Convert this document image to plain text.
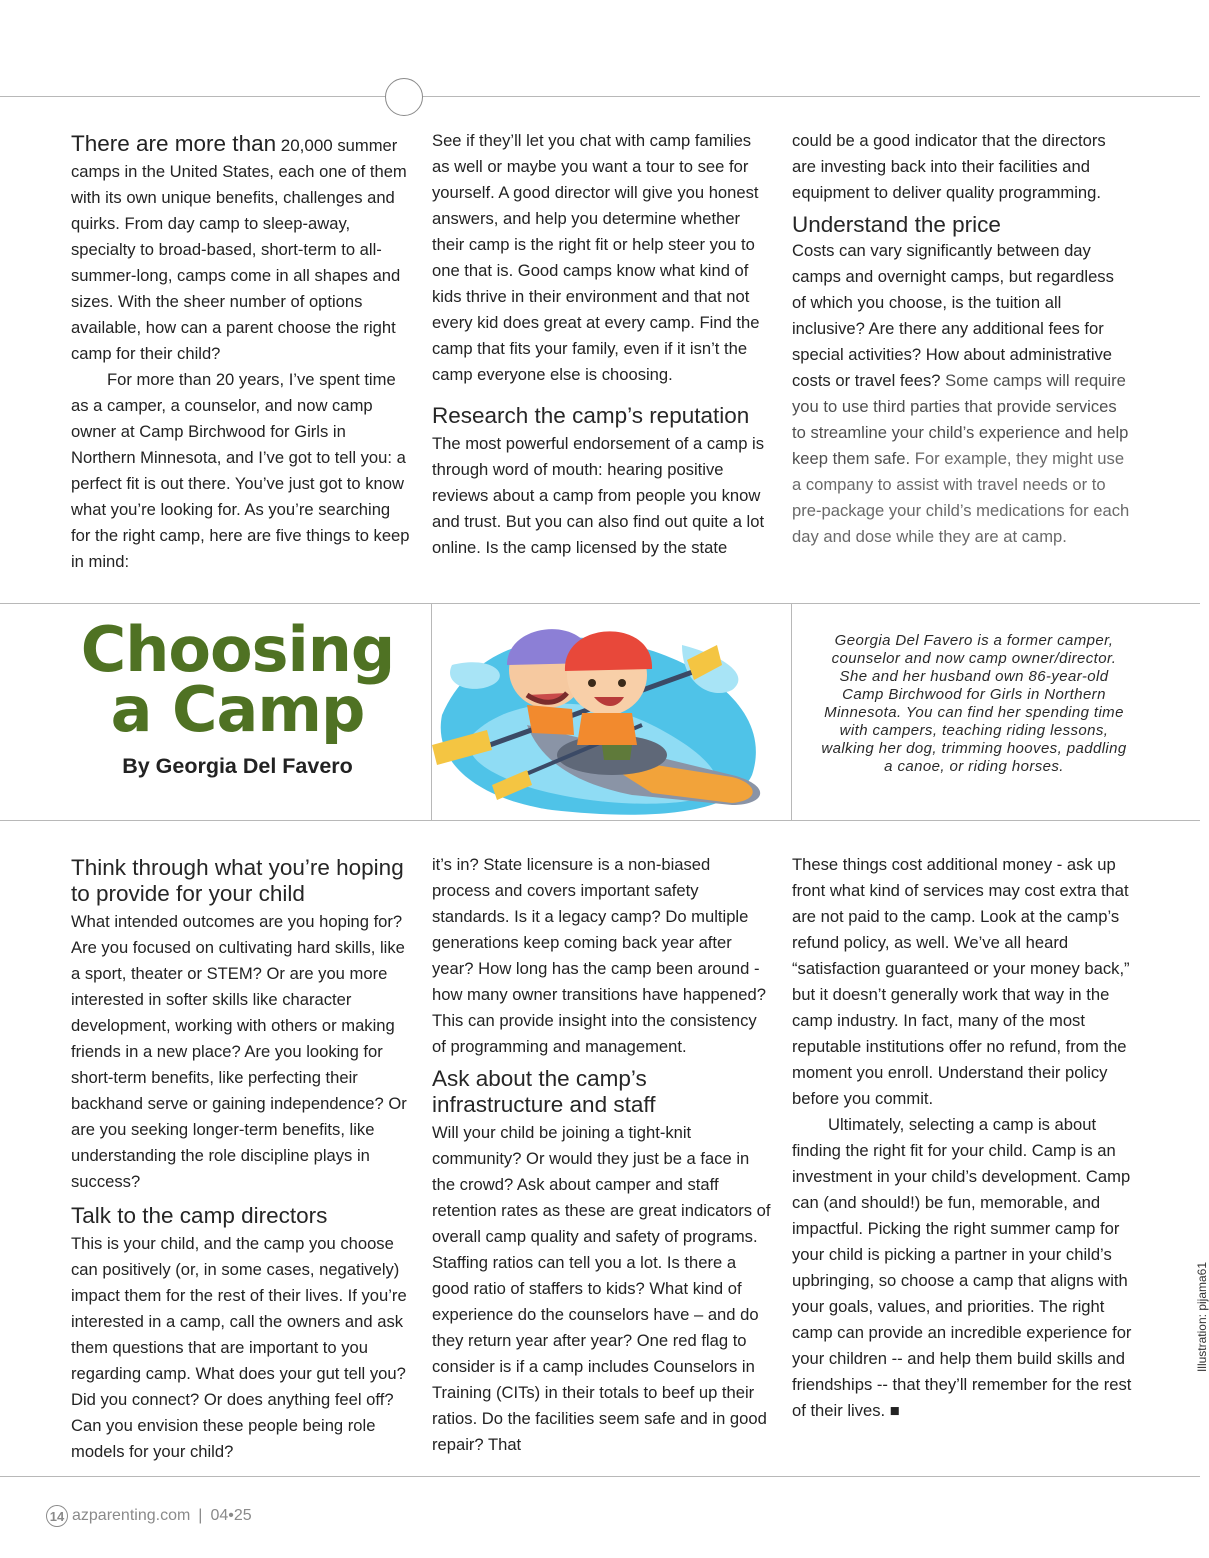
There are more than 20,000 summer camps in the United States, each one of them with its own unique benefits, challenges and quirks. From day camp to sleep-away, specialty to broad-based, short-term to all-summer-long, camps come in all shapes and sizes. With the sheer number of options available, how can a parent choose the right camp for their child?

For more than 20 years, I’ve spent time as a camper, a counselor, and now camp owner at Camp Birchwood for Girls in Northern Minnesota, and I’ve got to tell you: a perfect fit is out there. You’ve just got to know what you’re looking for. As you’re searching for the right camp, here are five things to keep in mind:

See if they’ll let you chat with camp families as well or maybe you want a tour to see for yourself. A good director will give you honest answers, and help you determine whether their camp is the right fit or help steer you to one that is. Good camps know what kind of kids thrive in their environment and that not every kid does great at every camp. Find the camp that fits your family, even if it isn’t the camp everyone else is choosing.

Research the camp’s reputation

The most powerful endorsement of a camp is through word of mouth: hearing positive reviews about a camp from people you know and trust. But you can also find out quite a lot online. Is the camp licensed by the state

could be a good indicator that the directors are investing back into their facilities and equipment to deliver quality programming.

Understand the price

Costs can vary significantly between day camps and overnight camps, but regardless of which you choose, is the tuition all inclusive? Are there any additional fees for special activities? How about administrative costs or travel fees? Some camps will require you to use third parties that provide services to streamline your child’s experience and help keep them safe. For example, they might use a company to assist with travel needs or to pre-package your child’s medications for each day and dose while they are at camp.

Choosing
a Camp
By Georgia Del Favero
Illustration: pijama61
Georgia Del Favero is a former camper, counselor and now camp owner/director. She and her husband own 86-year-old Camp Birchwood for Girls in Northern Minnesota. You can find her spending time with campers, teaching riding lessons, walking her dog, trimming hooves, paddling a canoe, or riding horses.
Think through what you’re hoping to provide for your child

What intended outcomes are you hoping for? Are you focused on cultivating hard skills, like a sport, theater or STEM? Or are you more interested in softer skills like character development, working with others or making friends in a new place? Are you looking for short-term benefits, like perfecting their backhand serve or gaining independence? Or are you seeking longer-term benefits, like understanding the role discipline plays in success?

Talk to the camp directors

This is your child, and the camp you choose can positively (or, in some cases, negatively) impact them for the rest of their lives. If you’re interested in a camp, call the owners and ask them questions that are important to you regarding camp. What does your gut tell you? Did you connect? Or does anything feel off? Can you envision these people being role models for your child?

it’s in? State licensure is a non-biased process and covers important safety standards. Is it a legacy camp? Do multiple generations keep coming back year after year? How long has the camp been around - how many owner transitions have happened? This can provide insight into the consistency of programming and management.

Ask about the camp’s infrastructure and staff

Will your child be joining a tight-knit community? Or would they just be a face in the crowd? Ask about camper and staff retention rates as these are great indicators of overall camp quality and safety of programs. Staffing ratios can tell you a lot. Is there a good ratio of staffers to kids? What kind of experience do the counselors have – and do they return year after year? One red flag to consider is if a camp includes Counselors in Training (CITs) in their totals to beef up their ratios. Do the facilities seem safe and in good repair? That

These things cost additional money - ask up front what kind of services may cost extra that are not paid to the camp. Look at the camp’s refund policy, as well. We’ve all heard “satisfaction guaranteed or your money back,” but it doesn’t generally work that way in the camp industry. In fact, many of the most reputable institutions offer no refund, from the moment you enroll. Understand their policy before you commit.

Ultimately, selecting a camp is about finding the right fit for your child. Camp is an investment in your child’s development. Camp can (and should!) be fun, memorable, and impactful. Picking the right summer camp for your child is picking a partner in your child’s upbringing, so choose a camp that aligns with your goals, values, and priorities. The right camp can provide an incredible experience for your children -- and help them build skills and friendships -- that they’ll remember for the rest of their lives. ■

14 azparenting.com | 04•25
